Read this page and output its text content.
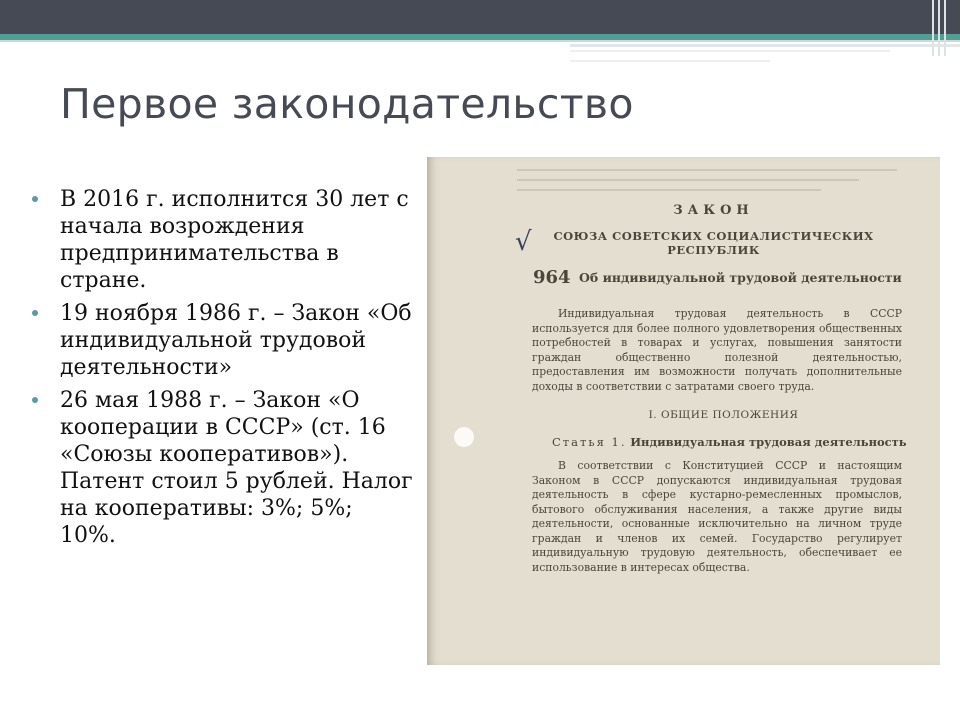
Первое законодательство
В 2016 г. исполнится 30 лет с начала возрождения предпринимательства в стране.
19 ноября 1986 г. – Закон «Об индивидуальной трудовой деятельности»
26 мая 1988 г. – Закон «О кооперации в СССР» (ст. 16 «Союзы кооперативов»). Патент стоил 5 рублей. Налог на кооперативы: 3%; 5%; 10%.
√
ЗАКОН
СОЮЗА СОВЕТСКИХ СОЦИАЛИСТИЧЕСКИХ
РЕСПУБЛИК
964 Об индивидуальной трудовой деятельности
Индивидуальная трудовая деятельность в СССР используется для более полного удовлетворения общественных потребностей в товарах и услугах, повышения занятости граждан общественно полезной деятельностью, предоставления им возможности получать дополнительные доходы в соответствии с затратами своего труда.
I. ОБЩИЕ ПОЛОЖЕНИЯ
Статья 1. Индивидуальная трудовая деятельность
В соответствии с Конституцией СССР и настоящим Законом в СССР допускаются индивидуальная трудовая деятельность в сфере кустарно-ремесленных промыслов, бытового обслуживания населения, а также другие виды деятельности, основанные исключительно на личном труде граждан и членов их семей. Государство регулирует индивидуальную трудовую деятельность, обеспечивает ее использование в интересах общества.
